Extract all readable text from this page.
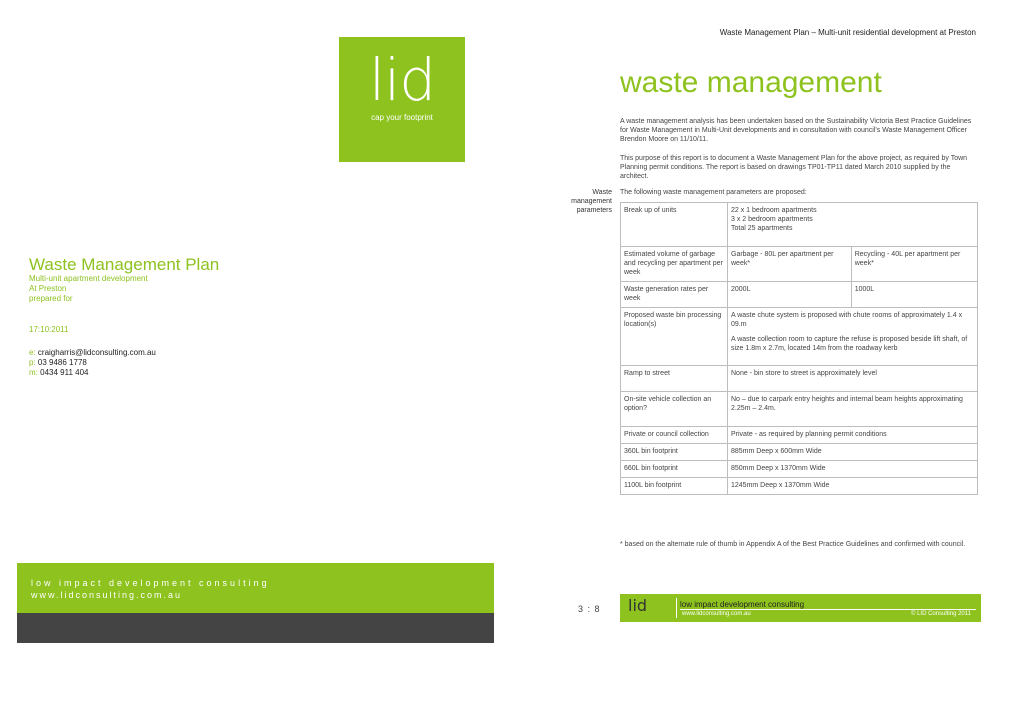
lid
cap your footprint
Waste Management Plan
Multi-unit apartment development
At Preston
prepared for
17:10:2011
e: craigharris@lidconsulting.com.au
p: 03 9486 1778
m: 0434 911 404
low impact development consulting
www.lidconsulting.com.au
Waste Management Plan – Multi-unit residential development at Preston
waste management
A waste management analysis has been undertaken based on the Sustainability Victoria Best Practice Guidelines for Waste Management in Multi-Unit developments and in consultation with council's Waste Management Officer Brendon Moore on 11/10/11.
This purpose of this report is to document a Waste Management Plan for the above project, as required by Town Planning permit conditions. The report is based on drawings TP01-TP11 dated March 2010 supplied by the architect.
Waste management parameters
The following waste management parameters are proposed:
Break up of units	22 x 1 bedroom apartments
3 x 2 bedroom apartments
Total 25 apartments	

Estimated volume of garbage and recycling per apartment per week	Garbage - 80L per apartment per week*	Recycling - 40L per apartment per week*
Waste generation rates per week	2000L	1000L
Proposed waste bin processing location(s)	A waste chute system is proposed with chute rooms of approximately 1.4 x 09.m
A waste collection room to capture the refuse is proposed beside lift shaft, of size 1.8m x 2.7m, located 14m from the roadway kerb	

Ramp to street	None - bin store to street is approximately level	

On-site vehicle collection an option?	No – due to carpark entry heights and internal beam heights approximating 2.25m – 2.4m.	
Private or council collection	Private - as required by planning permit conditions	
360L bin footprint	885mm Deep x 600mm Wide	
660L bin footprint	850mm Deep x 1370mm Wide	
1100L bin footprint	1245mm Deep x 1370mm Wide	
* based on the alternate rule of thumb in Appendix A of the Best Practice Guidelines and confirmed with council.
3 : 8 lid	low impact development consulting
www.lidconsulting.com.au	© LID Consulting 2011
